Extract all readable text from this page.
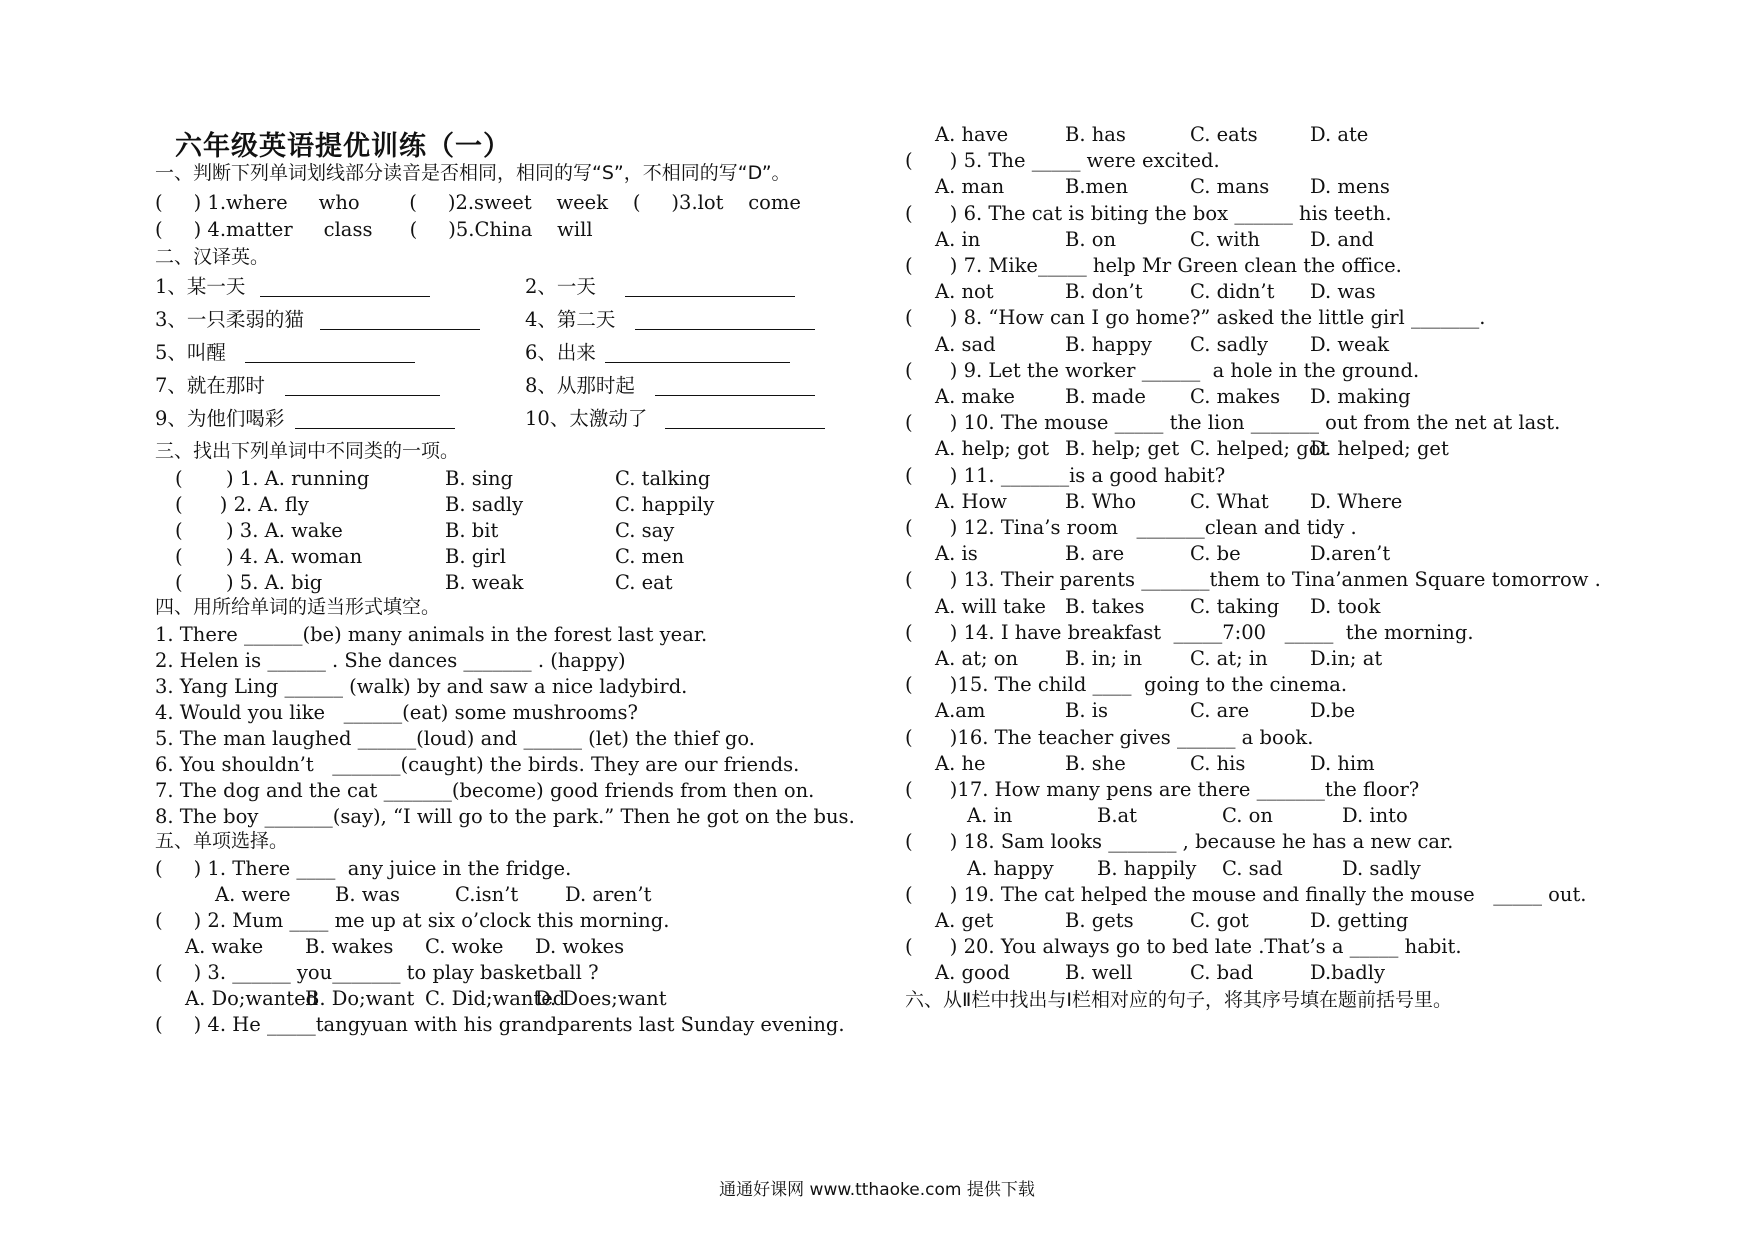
六年级英语提优训练（一）
一、判断下列单词划线部分读音是否相同，相同的写“S”，不相同的写“D”。
(     ) 1.where     who        (     )2.sweet    week    (     )3.lot    come
(     ) 4.matter     class      (     )5.China    will
二、汉译英。
1、某一天	2、一天
3、一只柔弱的猫	4、第二天
5、叫醒	6、出来
7、就在那时	8、从那时起
9、为他们喝彩	10、太激动了
三、找出下列单词中不同类的一项。
(       ) 1. A. running	B. sing	C. talking
(      ) 2. A. fly	B. sadly	C. happily
(       ) 3. A. wake	B. bit	C. say
(       ) 4. A. woman	B. girl	C. men
(       ) 5. A. big	B. weak	C. eat
四、用所给单词的适当形式填空。
1. There ______(be) many animals in the forest last year.
2. Helen is ______ . She dances _______ . (happy)
3. Yang Ling ______ (walk) by and saw a nice ladybird.
4. Would you like   ______(eat) some mushrooms?
5. The man laughed ______(loud) and ______ (let) the thief go.
6. You shouldn’t   _______(caught) the birds. They are our friends.
7. The dog and the cat _______(become) good friends from then on.
8. The boy _______(say), “I will go to the park.” Then he got on the bus.
五、单项选择。
(     ) 1. There ____  any juice in the fridge.
A. were B. was	C.isn’t D. aren’t
(     ) 2. Mum ____ me up at six o’clock this morning.
A. wake B. wakes C. woke D. wokes
(     ) 3. ______ you_______ to play basketball ?
A. Do;wanted
B. Do;want C. Did;wanted
D. Does;want
(     ) 4. He _____tangyuan with his grandparents last Sunday evening.
A. have	B. has	C. eats	D. ate
(      ) 5. The _____ were excited.
A. man	B.men	C. mans D. mens
(      ) 6. The cat is biting the box ______ his teeth.
A. in	B. on	C. with	D. and
(      ) 7. Mike_____ help Mr Green clean the office.
A. not	B. don’t C. didn’t D. was
(      ) 8. “How can I go home?” asked the little girl _______.
A. sad	B. happy C. sadly D. weak
(      ) 9. Let the worker ______  a hole in the ground.
A. make	B. made C. makes D. making
(      ) 10. The mouse _____ the lion _______ out from the net at last.
A. help; got B. help; get C. helped; got
D. helped; get
(      ) 11. _______is a good habit?
A. How	B. Who	C. What D. Where
(      ) 12. Tina’s room   _______clean and tidy .
A. is	B. are	C. be	D.aren’t
(      ) 13. Their parents _______them to Tina’anmen Square tomorrow .
A. will take B. takes C. taking D. took
(      ) 14. I have breakfast  _____7:00   _____  the morning.
A. at; on B. in; in C. at; in D.in; at
(      )15. The child ____  going to the cinema.
A.am	B. is	C. are	D.be
(      )16. The teacher gives ______ a book.
A. he	B. she	C. his	D. him
(      )17. How many pens are there _______the floor?
A. in	B.at	C. on	D. into
(      ) 18. Sam looks _______ , because he has a new car.
A. happy B. happily C. sad	D. sadly
(      ) 19. The cat helped the mouse and finally the mouse   _____ out.
A. get	B. gets	C. got	D. getting
(      ) 20. You always go to bed late .That’s a _____ habit.
A. good	B. well	C. bad	D.badly
六、从Ⅱ栏中找出与Ⅰ栏相对应的句子，将其序号填在题前括号里。
通通好课网 www.tthaoke.com 提供下载
